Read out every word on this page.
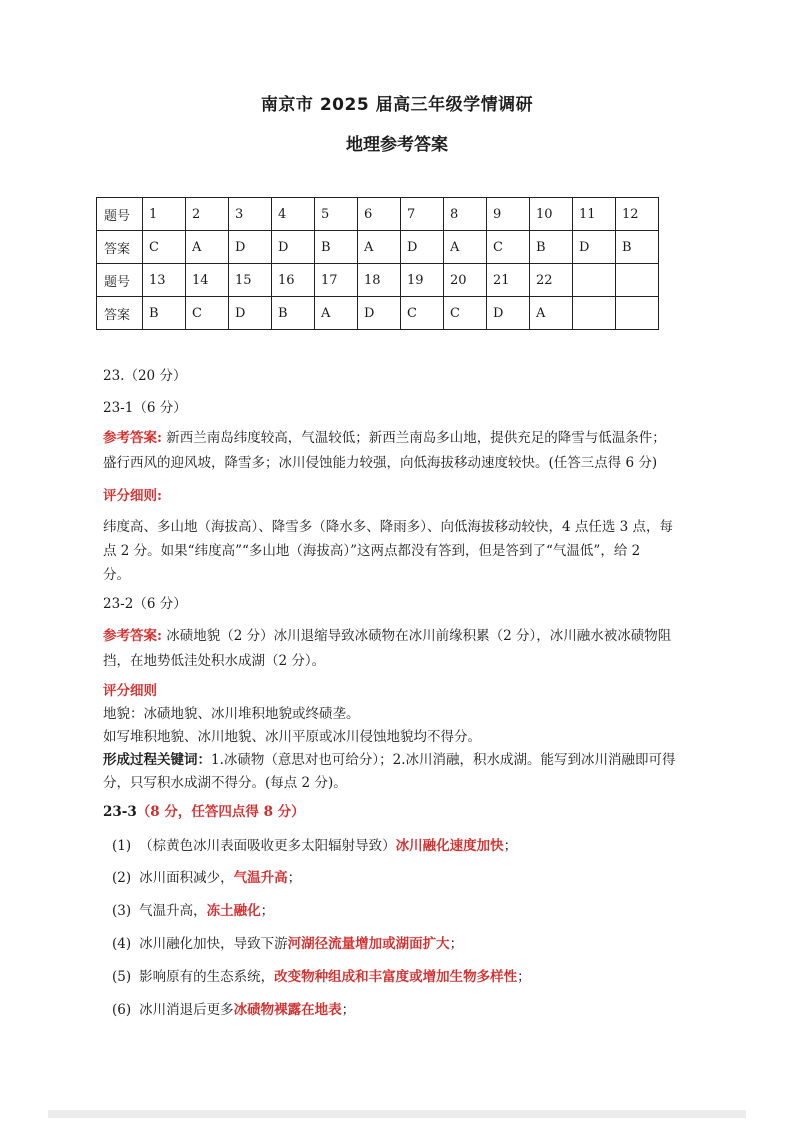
南京市 2025 届高三年级学情调研
地理参考答案
题号	1	2	3	4	5	6	7	8	9	10	11	12
答案	C	A	D	D	B	A	D	A	C	B	D	B
题号	13	14	15	16	17	18	19	20	21	22		
答案	B	C	D	B	A	D	C	C	D	A		
23.（20 分）
23-1（6 分）
参考答案: 新西兰南岛纬度较高，气温较低；新西兰南岛多山地，提供充足的降雪与低温条件；
盛行西风的迎风坡，降雪多；冰川侵蚀能力较强，向低海拔移动速度较快。(任答三点得 6 分)
评分细则:
纬度高、多山地（海拔高）、降雪多（降水多、降雨多）、向低海拔移动较快，4 点任选 3 点，每
点 2 分。如果“纬度高”“多山地（海拔高）”这两点都没有答到，但是答到了“气温低”，给 2
分。
23-2（6 分）
参考答案: 冰碛地貌（2 分）冰川退缩导致冰碛物在冰川前缘积累（2 分），冰川融水被冰碛物阻
挡，在地势低洼处积水成湖（2 分）。
评分细则
地貌：冰碛地貌、冰川堆积地貌或终碛垄。
如写堆积地貌、冰川地貌、冰川平原或冰川侵蚀地貌均不得分。
形成过程关键词：1.冰碛物（意思对也可给分）；2.冰川消融，积水成湖。能写到冰川消融即可得
分，只写积水成湖不得分。(每点 2 分)。
23-3（8 分，任答四点得 8 分）
(1) （棕黄色冰川表面吸收更多太阳辐射导致）冰川融化速度加快；
(2) 冰川面积减少，气温升高；
(3) 气温升高，冻土融化；
(4) 冰川融化加快，导致下游河湖径流量增加或湖面扩大；
(5) 影响原有的生态系统，改变物种组成和丰富度或增加生物多样性；
(6) 冰川消退后更多冰碛物裸露在地表；
